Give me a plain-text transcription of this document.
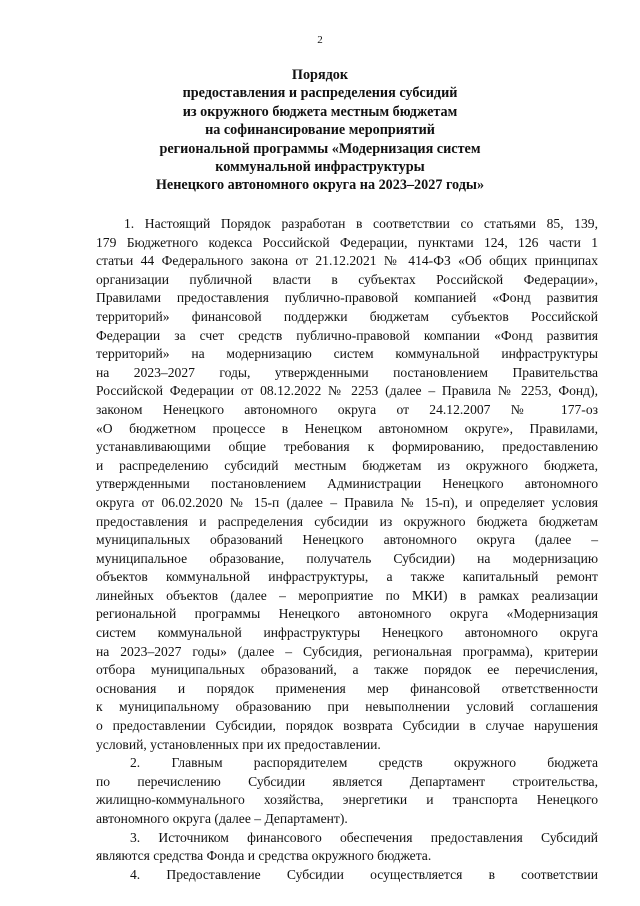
2
Порядок
предоставления и распределения субсидий
из окружного бюджета местным бюджетам
на софинансирование мероприятий
региональной программы «Модернизация систем
коммунальной инфраструктуры
Ненецкого автономного округа на 2023–2027 годы»
1. Настоящий Порядок разработан в соответствии со статьями 85, 139,
179 Бюджетного кодекса Российской Федерации, пунктами 124, 126 части 1
статьи 44 Федерального закона от 21.12.2021 № 414-ФЗ «Об общих принципах
организации публичной власти в субъектах Российской Федерации»,
Правилами предоставления публично-правовой компанией «Фонд развития
территорий» финансовой поддержки бюджетам субъектов Российской
Федерации за счет средств публично-правовой компании «Фонд развития
территорий» на модернизацию систем коммунальной инфраструктуры
на 2023–2027 годы, утвержденными постановлением Правительства
Российской Федерации от 08.12.2022 № 2253 (далее – Правила № 2253, Фонд),
законом Ненецкого автономного округа от 24.12.2007 № 177-оз
«О бюджетном процессе в Ненецком автономном округе», Правилами,
устанавливающими общие требования к формированию, предоставлению
и распределению субсидий местным бюджетам из окружного бюджета,
утвержденными постановлением Администрации Ненецкого автономного
округа от 06.02.2020 № 15-п (далее – Правила № 15-п), и определяет условия
предоставления и распределения субсидии из окружного бюджета бюджетам
муниципальных образований Ненецкого автономного округа (далее –
муниципальное образование, получатель Субсидии) на модернизацию
объектов коммунальной инфраструктуры, а также капитальный ремонт
линейных объектов (далее – мероприятие по МКИ) в рамках реализации
региональной программы Ненецкого автономного округа «Модернизация
систем коммунальной инфраструктуры Ненецкого автономного округа
на 2023–2027 годы» (далее – Субсидия, региональная программа), критерии
отбора муниципальных образований, а также порядок ее перечисления,
основания и порядок применения мер финансовой ответственности
к муниципальному образованию при невыполнении условий соглашения
о предоставлении Субсидии, порядок возврата Субсидии в случае нарушения
условий, установленных при их предоставлении.
2. Главным распорядителем средств окружного бюджета
по перечислению Субсидии является Департамент строительства,
жилищно-коммунального хозяйства, энергетики и транспорта Ненецкого
автономного округа (далее – Департамент).
3. Источником финансового обеспечения предоставления Субсидий
являются средства Фонда и средства окружного бюджета.
4. Предоставление Субсидии осуществляется в соответствии
